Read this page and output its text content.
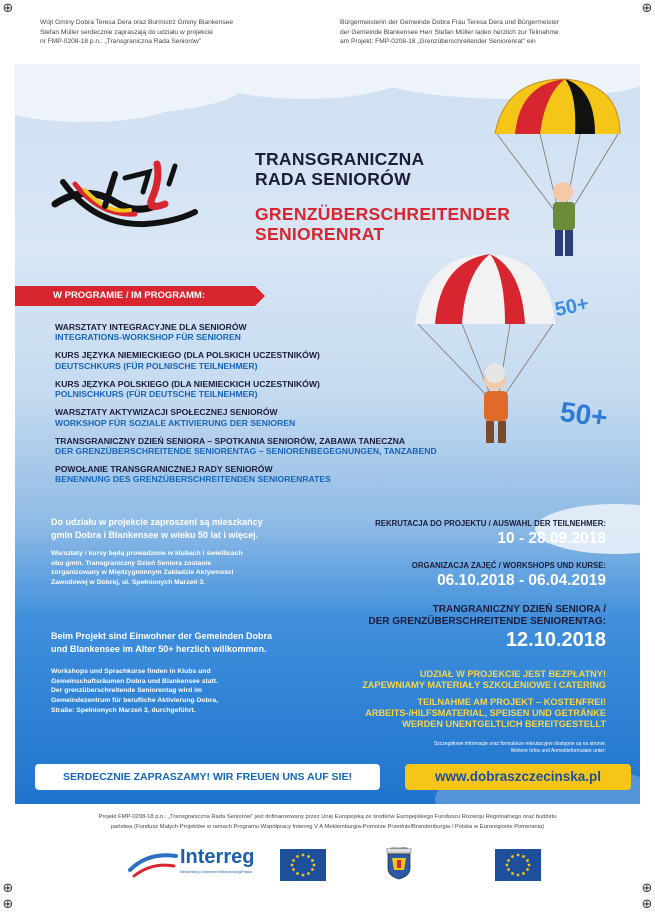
⊕	⊕
⊕	⊕
⊕	⊕
Wójt Gminy Dobra Teresa Dera oraz Burmistrz Gminy Blankensee
Stefan Müller serdecznie zapraszają do udziału w projekcie
nr FMP-0208-18 p.n.: „Transgraniczna Rada Seniorów”
Bürgermeisterin der Gemeinde Dobra Frau Teresa Dera und Bürgermeister
der Gemeinde Blankensee Herr Stefan Müller laden herzlich zur Teilnahme
am Projekt: FMP-0208-18 „Grenzüberschreitender Seniorenrat” ein
TRANSGRANICZNA
RADA SENIORÓW
GRENZÜBERSCHREITENDER
SENIORENRAT
50+
50+
W PROGRAMIE / IM PROGRAMM:
WARSZTATY INTEGRACYJNE DLA SENIORÓW
INTEGRATIONS-WORKSHOP FÜR SENIOREN
KURS JĘZYKA NIEMIECKIEGO (DLA POLSKICH UCZESTNIKÓW)
DEUTSCHKURS (FÜR POLNISCHE TEILNEHMER)
KURS JĘZYKA POLSKIEGO (DLA NIEMIECKICH UCZESTNIKÓW)
POLNISCHKURS (FÜR DEUTSCHE TEILNEHMER)
WARSZTATY AKTYWIZACJI SPOŁECZNEJ SENIORÓW
WORKSHOP FÜR SOZIALE AKTIVIERUNG DER SENIOREN
TRANSGRANICZNY DZIEŃ SENIORA – SPOTKANIA SENIORÓW, ZABAWA TANECZNA
DER GRENZÜBERSCHREITENDE SENIORENTAG – SENIORENBEGEGNUNGEN, TANZABEND
POWOŁANIE TRANSGRANICZNEJ RADY SENIORÓW
BENENNUNG DES GRENZÜBERSCHREITENDEN SENIORENRATES
Do udziału w projekcie zaproszeni są mieszkańcy
gmin Dobra i Blankensee w wieku 50 lat i więcej.
Warsztaty i kursy będą prowadzone w klubach i świetlicach
obu gmin. Transgraniczny Dzień Seniora zostanie
zorganizowany w Międzygminnym Zakładzie Aktywności
Zawodowej w Dobrej, ul. Spełnionych Marzeń 3.
Beim Projekt sind Einwohner der Gemeinden Dobra
und Blankensee im Alter 50+ herzlich willkommen.
Workshops und Sprachkurse finden in Klubs und
Gemeinschaftsräumen Dobra und Blankensee statt.
Der grenzüberschreitende Seniorentag wird im
Gemeindezentrum für berufliche Aktivierung Dobra,
Straße: Spełnionych Marzeń 3, durchgeführt.
REKRUTACJA DO PROJEKTU / AUSWAHL DER TEILNEHMER:
10 - 28.09.2018
ORGANIZACJA ZAJĘĆ / WORKSHOPS UND KURSE:
06.10.2018 - 06.04.2019
TRANGRANICZNY DZIEŃ SENIORA /
DER GRENZÜBERSCHREITENDE SENIORENTAG:
12.10.2018
UDZIAŁ W PROJEKCIE JEST BEZPŁATNY!
ZAPEWNIAMY MATERIAŁY SZKOLENIOWE I CATERING
TEILNAHME AM PROJEKT – KOSTENFREI!
ARBEITS-/HILFSMATERIAL, SPEISEN UND GETRÄNKE
WERDEN UNENTGELTLICH BEREITGESTELLT
Szczegółowe informacje oraz formularze rekrutacyjne dostępne są na stronie:
Weitere Infos und Anmeldeformulare unter:
SERDECZNIE ZAPRASZAMY! WIR FREUEN UNS AUF SIE!	www.dobraszczecinska.pl
Projekt FMP-0208-18 p.n.: „Transgraniczna Rada Seniorów” jest dofinansowany przez Unię Europejską ze środków Europejskiego Funduszu Rozwoju Regionalnego oraz budżetu
państwa (Fundusz Małych Projektów w ramach Programu Współpracy Interreg V A Meklemburgia-Pomorze Przednie/Brandenburgia / Polska w Euroregionie Pomerania)
Interreg
Mecklenburg-Vorpommern/Brandenburg/Polska
EUROPEAN UNION
GMINA DOBRA
